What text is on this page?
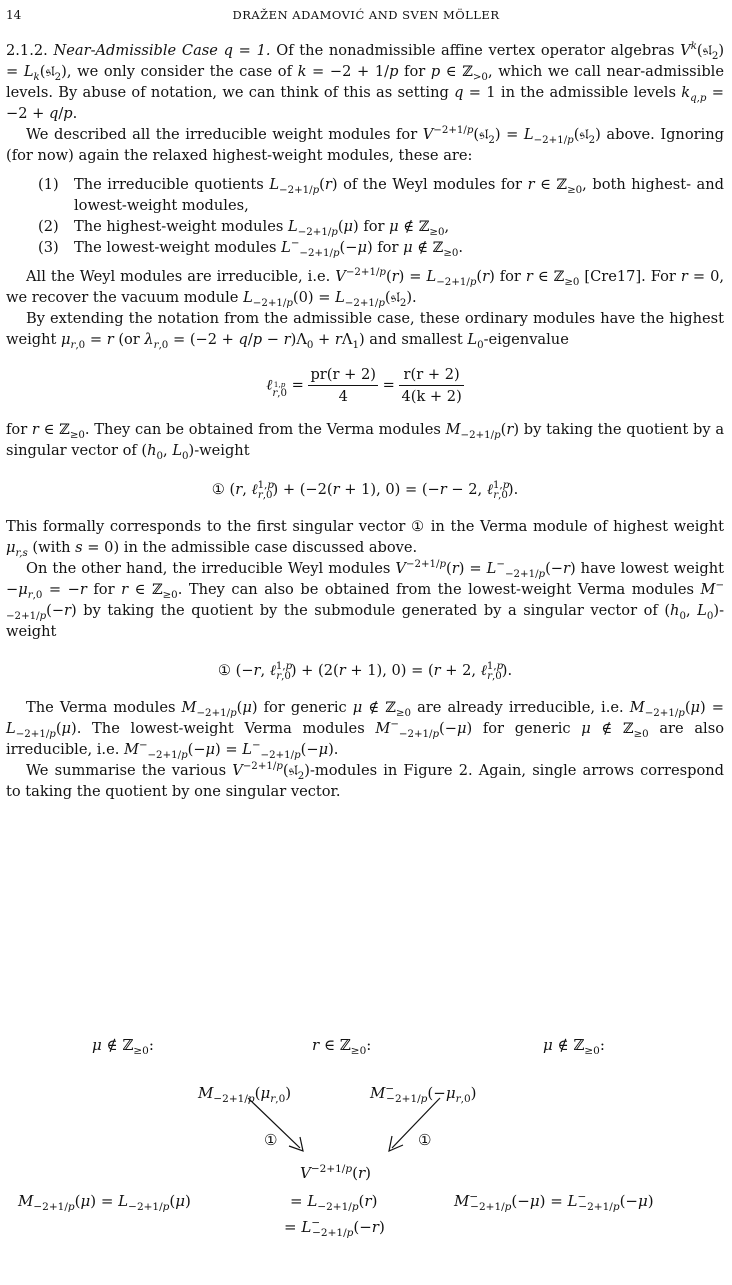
14	DRAŽEN ADAMOVIĆ AND SVEN MÖLLER

2.1.2. Near-Admissible Case q = 1. Of the nonadmissible affine vertex operator algebras $V^k(𝔰𝔩_2)$ = $L_k(𝔰𝔩_2)$, we only consider the case of k = −2 + 1/p for p ∈ ℤ$_{>0}$, which we call near-admissible levels. By abuse of notation, we can think of this as setting q = 1 in the admissible levels $k_{q,p} = -2 + q/p$.

We described all the irreducible weight modules for $V^{-2+1/p}(𝔰𝔩_2)$ = $L_{-2+1/p}(𝔰𝔩_2)$ above. Ignoring (for now) again the relaxed highest-weight modules, these are:

(1) The irreducible quotients $L_{-2+1/p}(r)$ of the Weyl modules for r ∈ ℤ$_{\ge 0}$, both highest- and lowest-weight modules,
(2) The highest-weight modules $L_{-2+1/p}(\mu)$ for μ ∉ ℤ$_{\ge 0}$,
(3) The lowest-weight modules $L^-_{-2+1/p}(-\mu)$ for μ ∉ ℤ$_{\ge 0}$.

All the Weyl modules are irreducible, i.e. $V^{-2+1/p}(r) = L_{-2+1/p}(r)$ for r ∈ ℤ$_{\ge 0}$ [Cre17]. For r = 0, we recover the vacuum module $L_{-2+1/p}(0)$ = $L_{-2+1/p}(𝔰𝔩_2)$.

By extending the notation from the admissible case, these ordinary modules have the highest weight $\mu_{r,0} = r$ (or $\lambda_{r,0} = (-2 + q/p - r)\Lambda_0 + r\Lambda_1$) and smallest $L_0$-eigenvalue

ℓ $_{1,p r,0} = \frac{pr(r + 2)}{4} = \frac{r(r + 2)}{4(k + 2)}$

for r ∈ ℤ$_{\ge 0}$. They can be obtained from the Verma modules $M_{-2+1/p}(r)$ by taking the quotient by a singular vector of ($h_0$, $L_0$)-weight

① (r, ℓ$^{1,p}_{r,0}$) + (−2(r + 1), 0) = (−r − 2, ℓ$^{1,p}_{r,0}$).

This formally corresponds to the first singular vector ① in the Verma module of highest weight $\mu_{r,s}$ (with s = 0) in the admissible case discussed above.

On the other hand, the irreducible Weyl modules $V^{-2+1/p}(r) = L^-_{-2+1/p}(-r)$ have lowest weight $-\mu_{r,0} = -r$ for r ∈ ℤ$_{\ge 0}$. They can also be obtained from the lowest-weight Verma modules $M^-_{-2+1/p}(-r)$ by taking the quotient by the submodule generated by a singular vector of ($h_0$, $L_0$)-weight

① (−r, ℓ$^{1,p}_{r,0}$) + (2(r + 1), 0) = (r + 2, ℓ$^{1,p}_{r,0}$).

The Verma modules $M_{-2+1/p}(\mu)$ for generic μ ∉ ℤ$_{\ge 0}$ are already irreducible, i.e. $M_{-2+1/p}(\mu) = L_{-2+1/p}(\mu)$. The lowest-weight Verma modules $M^-_{-2+1/p}(-\mu)$ for generic μ ∉ ℤ$_{\ge 0}$ are also irreducible, i.e. $M^-_{-2+1/p}(-\mu) = L^-_{-2+1/p}(-\mu)$.

We summarise the various $V^{-2+1/p}(𝔰𝔩_2)$-modules in Figure 2. Again, single arrows correspond to taking the quotient by one singular vector.

μ ∉ ℤ$_{\ge 0}$:	r ∈ ℤ$_{\ge 0}$:	μ ∉ ℤ$_{\ge 0}$:
$M_{-2+1/p}(\mu_{r,0})$	$M^-_{-2+1/p}(-\mu_{r,0})$
①	①
$V^{-2+1/p}(r)$
= $L_{-2+1/p}(r)$
= $L^-_{-2+1/p}(-r)$
$M_{-2+1/p}(\mu) = L_{-2+1/p}(\mu)$	$M^-_{-2+1/p}(-\mu) = L^-_{-2+1/p}(-\mu)$
